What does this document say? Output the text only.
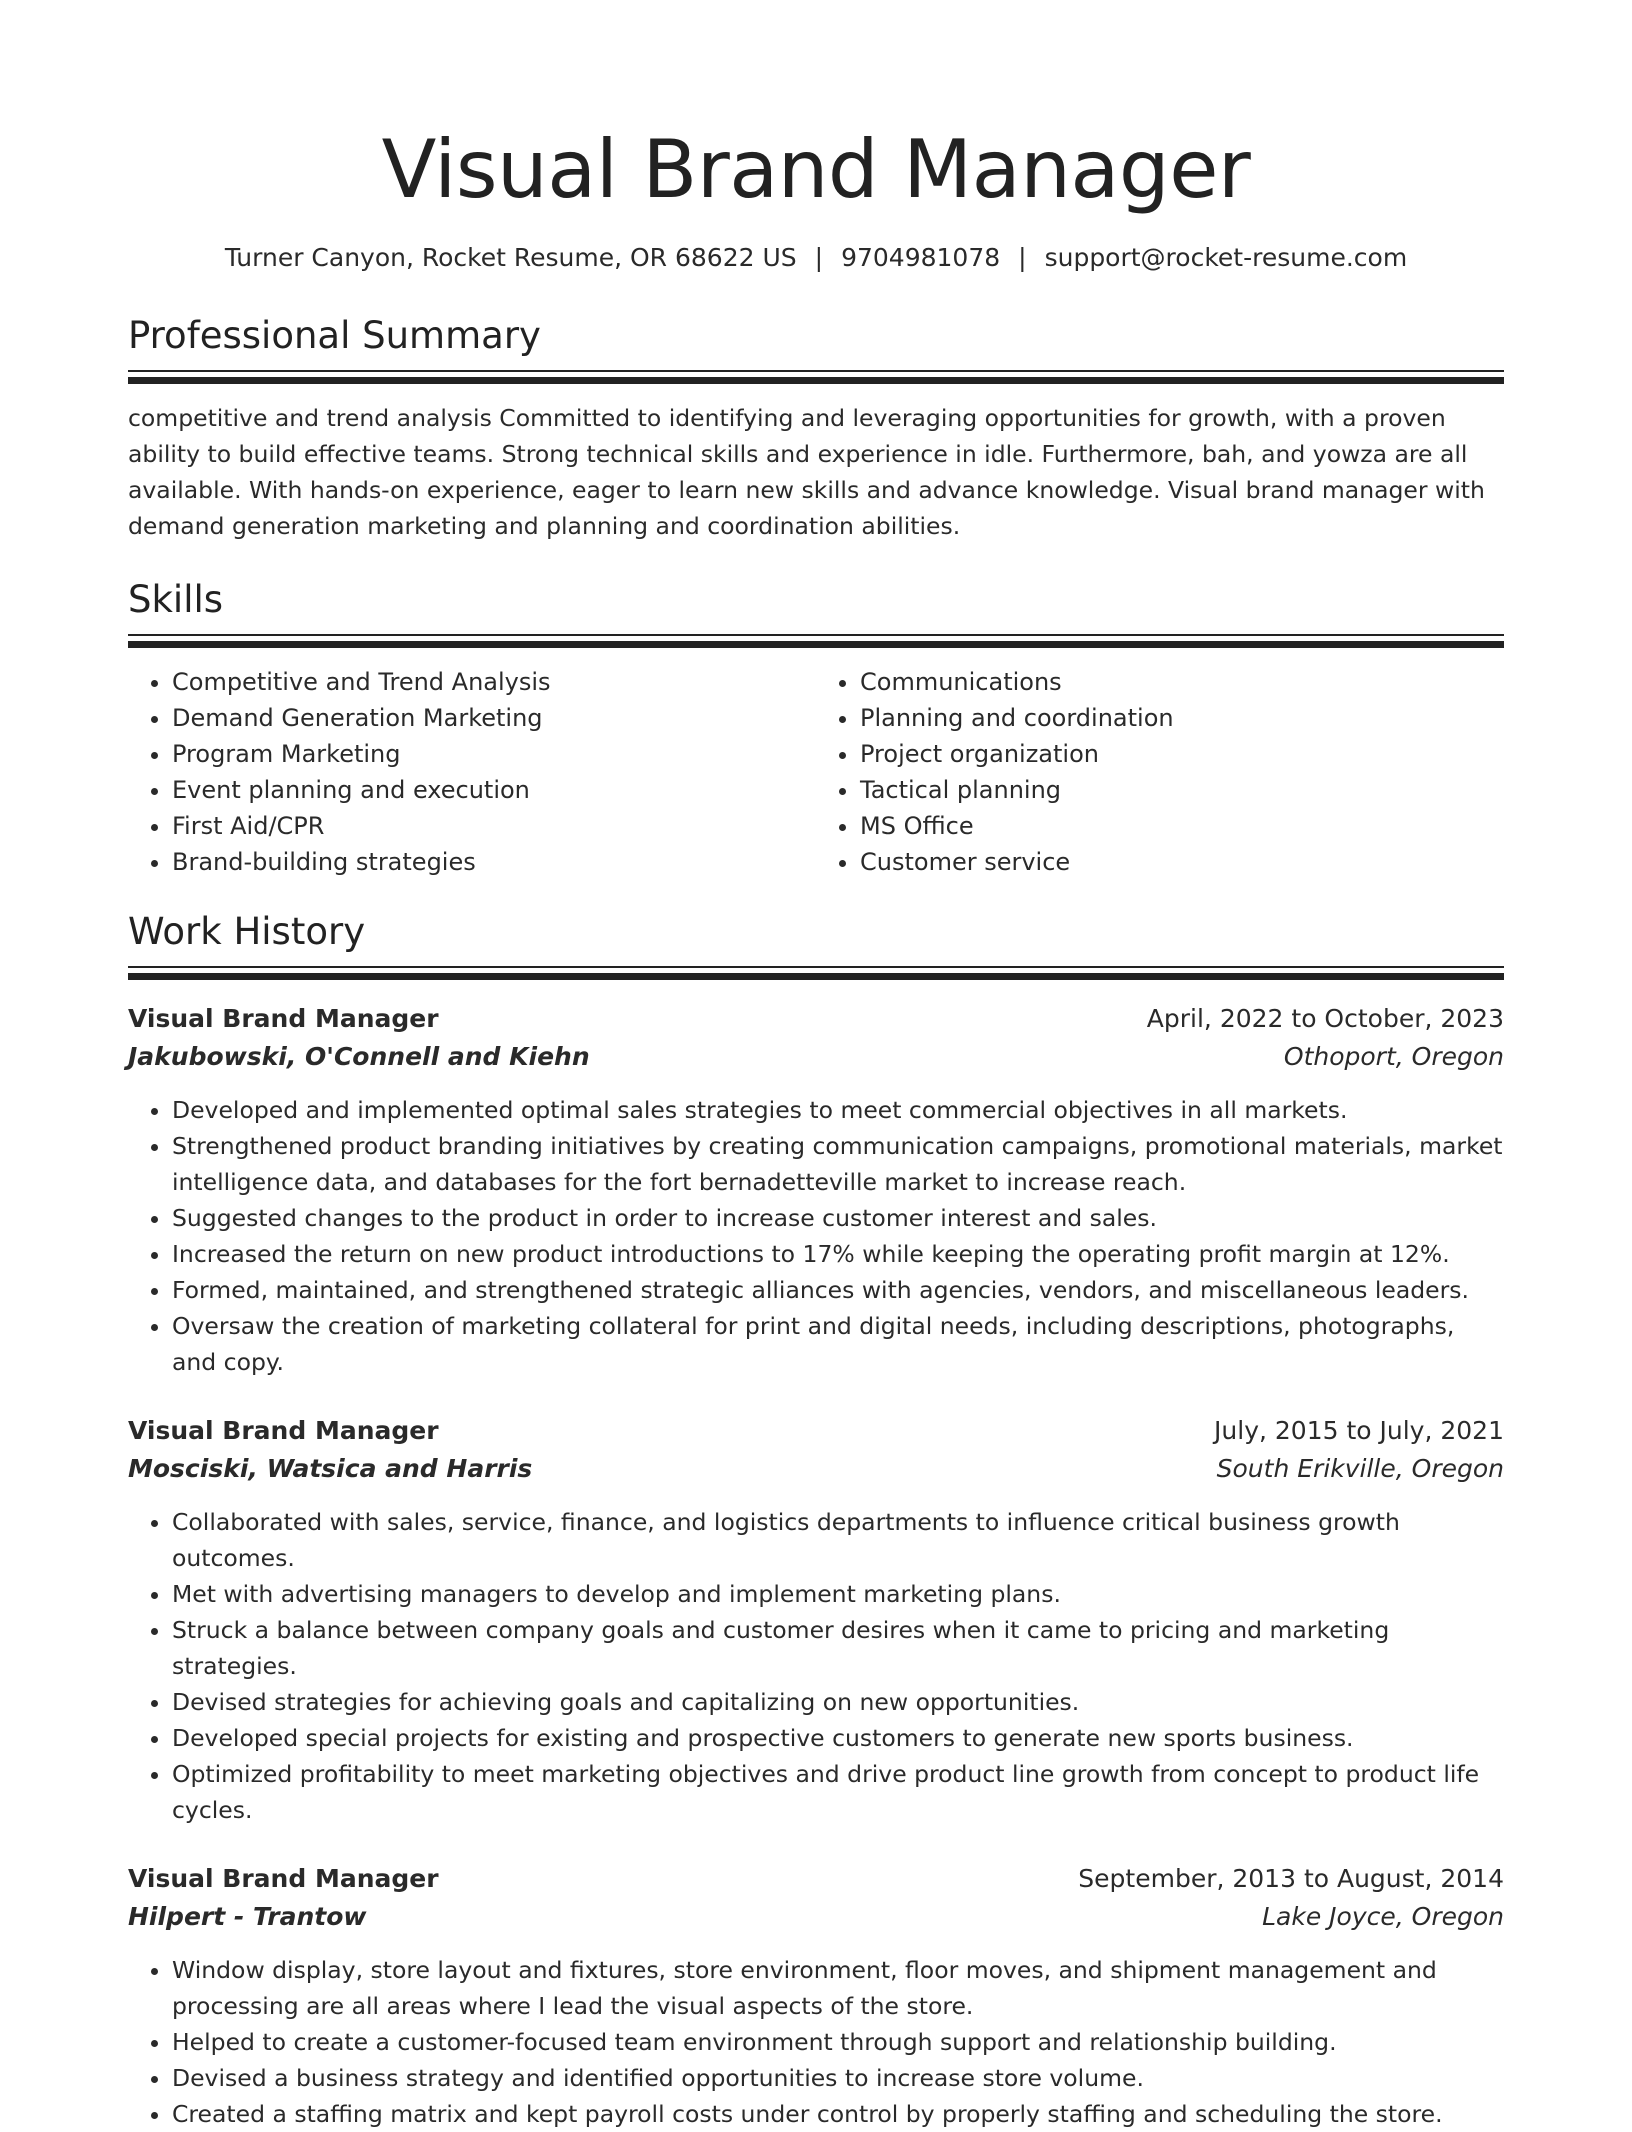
Visual Brand Manager
Turner Canyon, Rocket Resume, OR 68622 US | 9704981078 | support@rocket-resume.com
Professional Summary

competitive and trend analysis Committed to identifying and leveraging opportunities for growth, with a proven ability to build effective teams. Strong technical skills and experience in idle. Furthermore, bah, and yowza are all available. With hands-on experience, eager to learn new skills and advance knowledge. Visual brand manager with demand generation marketing and planning and coordination abilities.

Skills
• Competitive and Trend Analysis
• Demand Generation Marketing
• Program Marketing
• Event planning and execution
• First Aid/CPR
• Brand-building strategies
• Communications
• Planning and coordination
• Project organization
• Tactical planning
• MS Office
• Customer service
Work History
Visual Brand Manager	April, 2022 to October, 2023
Jakubowski, O'Connell and Kiehn	Othoport, Oregon
• Developed and implemented optimal sales strategies to meet commercial objectives in all markets.
• Strengthened product branding initiatives by creating communication campaigns, promotional materials, market intelligence data, and databases for the fort bernadetteville market to increase reach.
• Suggested changes to the product in order to increase customer interest and sales.
• Increased the return on new product introductions to 17% while keeping the operating profit margin at 12%.
• Formed, maintained, and strengthened strategic alliances with agencies, vendors, and miscellaneous leaders.
• Oversaw the creation of marketing collateral for print and digital needs, including descriptions, photographs, and copy.
Visual Brand Manager	July, 2015 to July, 2021
Mosciski, Watsica and Harris	South Erikville, Oregon
• Collaborated with sales, service, finance, and logistics departments to influence critical business growth outcomes.
• Met with advertising managers to develop and implement marketing plans.
• Struck a balance between company goals and customer desires when it came to pricing and marketing strategies.
• Devised strategies for achieving goals and capitalizing on new opportunities.
• Developed special projects for existing and prospective customers to generate new sports business.
• Optimized profitability to meet marketing objectives and drive product line growth from concept to product life cycles.
Visual Brand Manager	September, 2013 to August, 2014
Hilpert - Trantow	Lake Joyce, Oregon
• Window display, store layout and fixtures, store environment, floor moves, and shipment management and processing are all areas where I lead the visual aspects of the store.
• Helped to create a customer-focused team environment through support and relationship building.
• Devised a business strategy and identified opportunities to increase store volume.
• Created a staffing matrix and kept payroll costs under control by properly staffing and scheduling the store.
